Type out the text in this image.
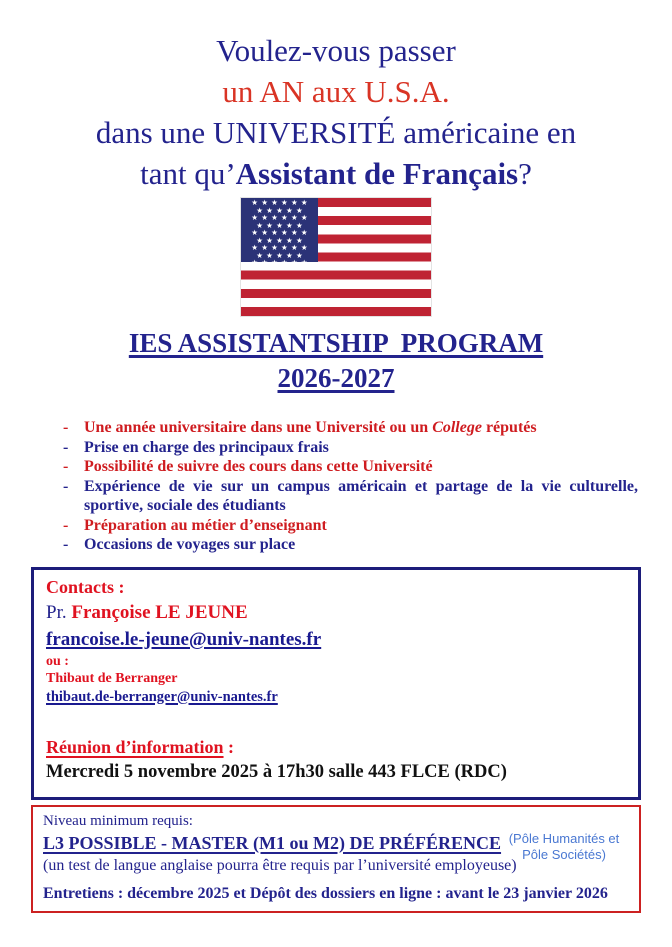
Voulez-vous passer
un AN aux U.S.A.
dans une UNIVERSITÉ américaine en
tant qu’Assistant de Français?
★★★★★★
★★★★★
★★★★★★
★★★★★
★★★★★★
★★★★★
★★★★★★
★★★★★
★★★★★★
IES ASSISTANTSHIP  PROGRAM
2026-2027
- Une année universitaire dans une Université ou un College réputés
- Prise en charge des principaux frais
- Possibilité de suivre des cours dans cette Université
- Expérience de vie sur un campus américain et partage de la vie culturelle, sportive, sociale des étudiants
- Préparation au métier d’enseignant
- Occasions de voyages sur place
Contacts :
Pr. Françoise LE JEUNE
francoise.le-jeune@univ-nantes.fr
ou :
Thibaut de Berranger
thibaut.de-berranger@univ-nantes.fr
Réunion d’information :
Mercredi 5 novembre 2025 à 17h30 salle 443 FLCE (RDC)
Niveau minimum requis:
L3 POSSIBLE - MASTER (M1 ou M2) DE PRÉFÉRENCE
(un test de langue anglaise pourra être requis par l’université employeuse)
(Pôle Humanités et
Pôle Sociétés)
Entretiens : décembre 2025 et Dépôt des dossiers en ligne : avant le 23 janvier 2026
